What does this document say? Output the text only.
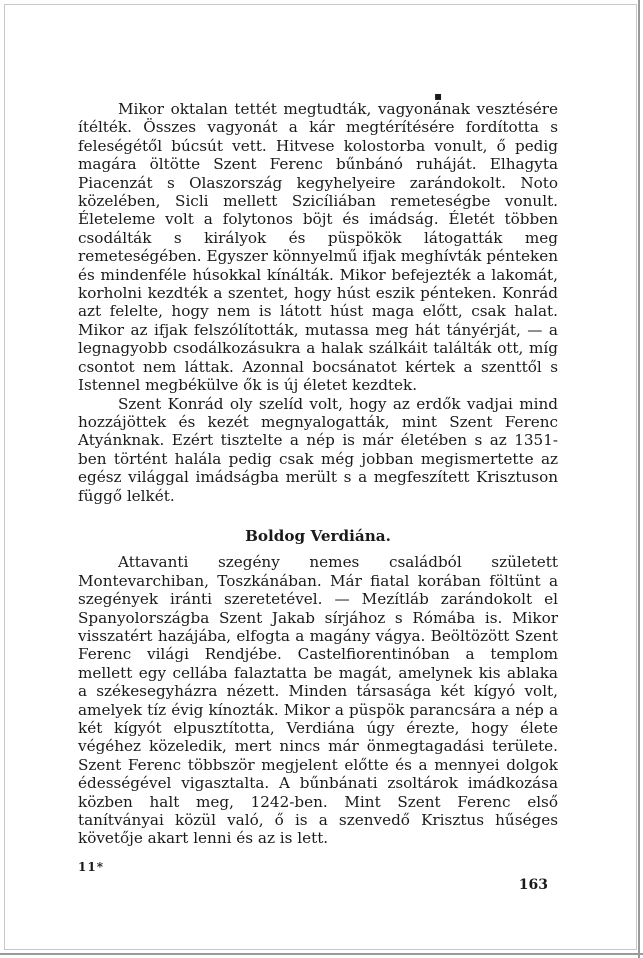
▪

Mikor oktalan tettét megtudták, vagyonának vesztésére ítélték. Összes vagyonát a kár megtérítésére fordította s feleségétől búcsút vett. Hitvese kolostorba vonult, ő pedig magára öltötte Szent Ferenc bűnbánó ruháját. Elhagyta Piacenzát s Olaszország kegyhelyeire zarándokolt. Noto közelében, Sicli mellett Szicíliában remeteségbe vonult. Életeleme volt a folytonos böjt és imádság. Életét többen csodálták s királyok és püspökök látogatták meg remeteségében. Egyszer könnyelmű ifjak meghívták pénteken és mindenféle húsokkal kínálták. Mikor befejezték a lakomát, korholni kezdték a szentet, hogy húst eszik pénteken. Konrád azt felelte, hogy nem is látott húst maga előtt, csak halat. Mikor az ifjak felszólították, mutassa meg hát tányérját, — a legnagyobb csodálkozásukra a halak szálkáit találták ott, míg csontot nem láttak. Azonnal bocsánatot kértek a szenttől s Istennel megbékülve ők is új életet kezdtek.

Szent Konrád oly szelíd volt, hogy az erdők vadjai mind hozzájöttek és kezét megnyalogatták, mint Szent Ferenc Atyánknak. Ezért tisztelte a nép is már életében s az 1351-ben történt halála pedig csak még jobban megismertette az egész világgal imádságba merült s a megfeszített Krisztuson függő lelkét.

Boldog Verdiána.

Attavanti szegény nemes családból született Montevarchiban, Toszkánában. Már fiatal korában föltünt a szegények iránti szeretetével. — Mezítláb zarándokolt el Spanyolországba Szent Jakab sírjához s Rómába is. Mikor visszatért hazájába, elfogta a magány vágya. Beöltözött Szent Ferenc világi Rendjébe. Castelfiorentinóban a templom mellett egy cellába falaztatta be magát, amelynek kis ablaka a székesegyházra nézett. Minden társasága két kígyó volt, amelyek tíz évig kínozták. Mikor a püspök parancsára a nép a két kígyót elpusztította, Verdiána úgy érezte, hogy élete végéhez közeledik, mert nincs már önmegtagadási területe. Szent Ferenc többször megjelent előtte és a mennyei dolgok édességével vigasztalta. A bűnbánati zsoltárok imádkozása közben halt meg, 1242-ben. Mint Szent Ferenc első tanítványai közül való, ő is a szenvedő Krisztus hűséges követője akart lenni és az is lett.

11*
163
